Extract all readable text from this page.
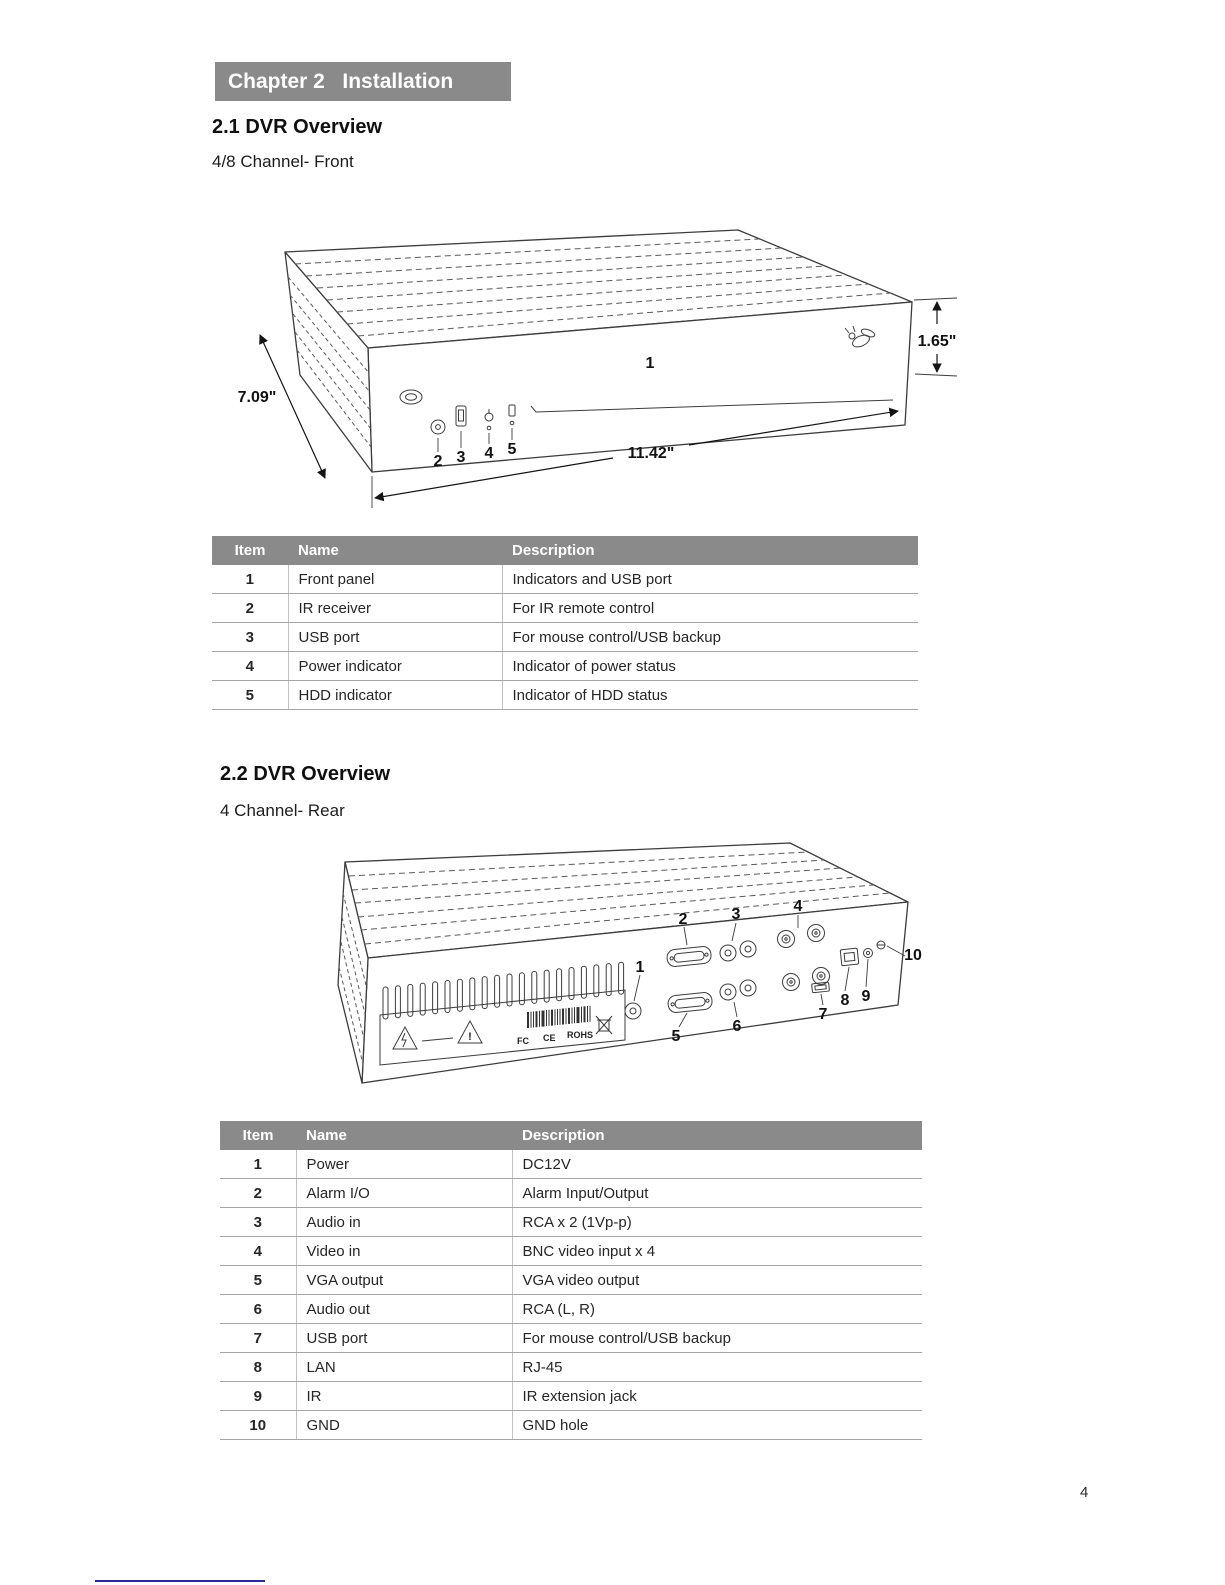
Chapter 2   Installation
2.1 DVR Overview
4/8 Channel- Front
1
2 3 4 5
7.09"
1.65"
11.42"
Item	Name	Description
1	Front panel	Indicators and USB port
2	IR receiver	For IR remote control
3	USB port	For mouse control/USB backup
4	Power indicator	Indicator of power status
5	HDD indicator	Indicator of HDD status
2.2 DVR Overview
4 Channel- Rear
!	FC CE ROHS
1
2	3	4
5
6
7
8 9
10
Item	Name	Description
1	Power	DC12V
2	Alarm I/O	Alarm Input/Output
3	Audio in	RCA x 2 (1Vp-p)
4	Video in	BNC video input x 4
5	VGA output	VGA video output
6	Audio out	RCA (L, R)
7	USB port	For mouse control/USB backup
8	LAN	RJ-45
9	IR	IR extension jack
10	GND	GND hole
4
